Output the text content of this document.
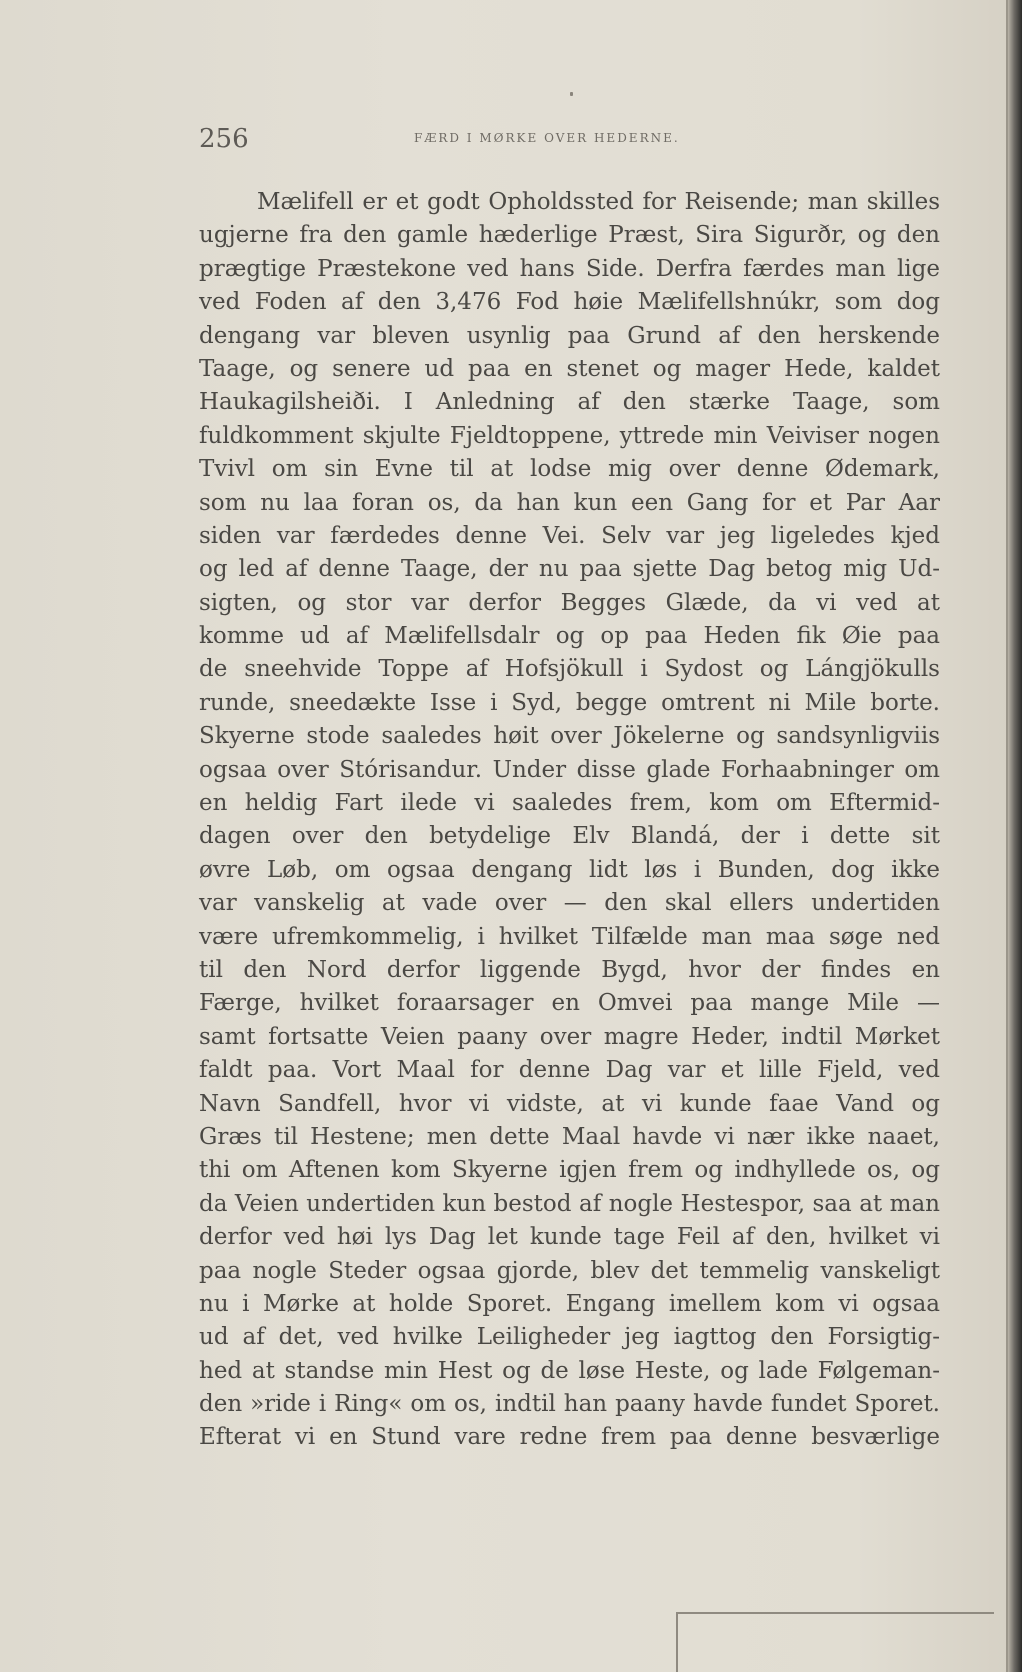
256	FÆRD I MØRKE OVER HEDERNE.
Mælifell er et godt Opholdssted for Reisende; man skilles
ugjerne fra den gamle hæderlige Præst, Sira Sigurðr, og den
prægtige Præstekone ved hans Side. Derfra færdes man lige
ved Foden af den 3,476 Fod høie Mælifellshnúkr, som dog
dengang var bleven usynlig paa Grund af den herskende
Taage, og senere ud paa en stenet og mager Hede, kaldet
Haukagilsheiði. I Anledning af den stærke Taage, som
fuldkomment skjulte Fjeldtoppene, yttrede min Veiviser nogen
Tvivl om sin Evne til at lodse mig over denne Ødemark,
som nu laa foran os, da han kun een Gang for et Par Aar
siden var færdedes denne Vei. Selv var jeg ligeledes kjed
og led af denne Taage, der nu paa sjette Dag betog mig Ud-
sigten, og stor var derfor Begges Glæde, da vi ved at
komme ud af Mælifellsdalr og op paa Heden fik Øie paa
de sneehvide Toppe af Hofsjökull i Sydost og Lángjökulls
runde, sneedækte Isse i Syd, begge omtrent ni Mile borte.
Skyerne stode saaledes høit over Jökelerne og sandsynligviis
ogsaa over Stórisandur. Under disse glade Forhaabninger om
en heldig Fart ilede vi saaledes frem, kom om Eftermid-
dagen over den betydelige Elv Blandá, der i dette sit
øvre Løb, om ogsaa dengang lidt løs i Bunden, dog ikke
var vanskelig at vade over — den skal ellers undertiden
være ufremkommelig, i hvilket Tilfælde man maa søge ned
til den Nord derfor liggende Bygd, hvor der findes en
Færge, hvilket foraarsager en Omvei paa mange Mile —
samt fortsatte Veien paany over magre Heder, indtil Mørket
faldt paa. Vort Maal for denne Dag var et lille Fjeld, ved
Navn Sandfell, hvor vi vidste, at vi kunde faae Vand og
Græs til Hestene; men dette Maal havde vi nær ikke naaet,
thi om Aftenen kom Skyerne igjen frem og indhyllede os, og
da Veien undertiden kun bestod af nogle Hestespor, saa at man
derfor ved høi lys Dag let kunde tage Feil af den, hvilket vi
paa nogle Steder ogsaa gjorde, blev det temmelig vanskeligt
nu i Mørke at holde Sporet. Engang imellem kom vi ogsaa
ud af det, ved hvilke Leiligheder jeg iagttog den Forsigtig-
hed at standse min Hest og de løse Heste, og lade Følgeman-
den »ride i Ring« om os, indtil han paany havde fundet Sporet.
Efterat vi en Stund vare redne frem paa denne besværlige
